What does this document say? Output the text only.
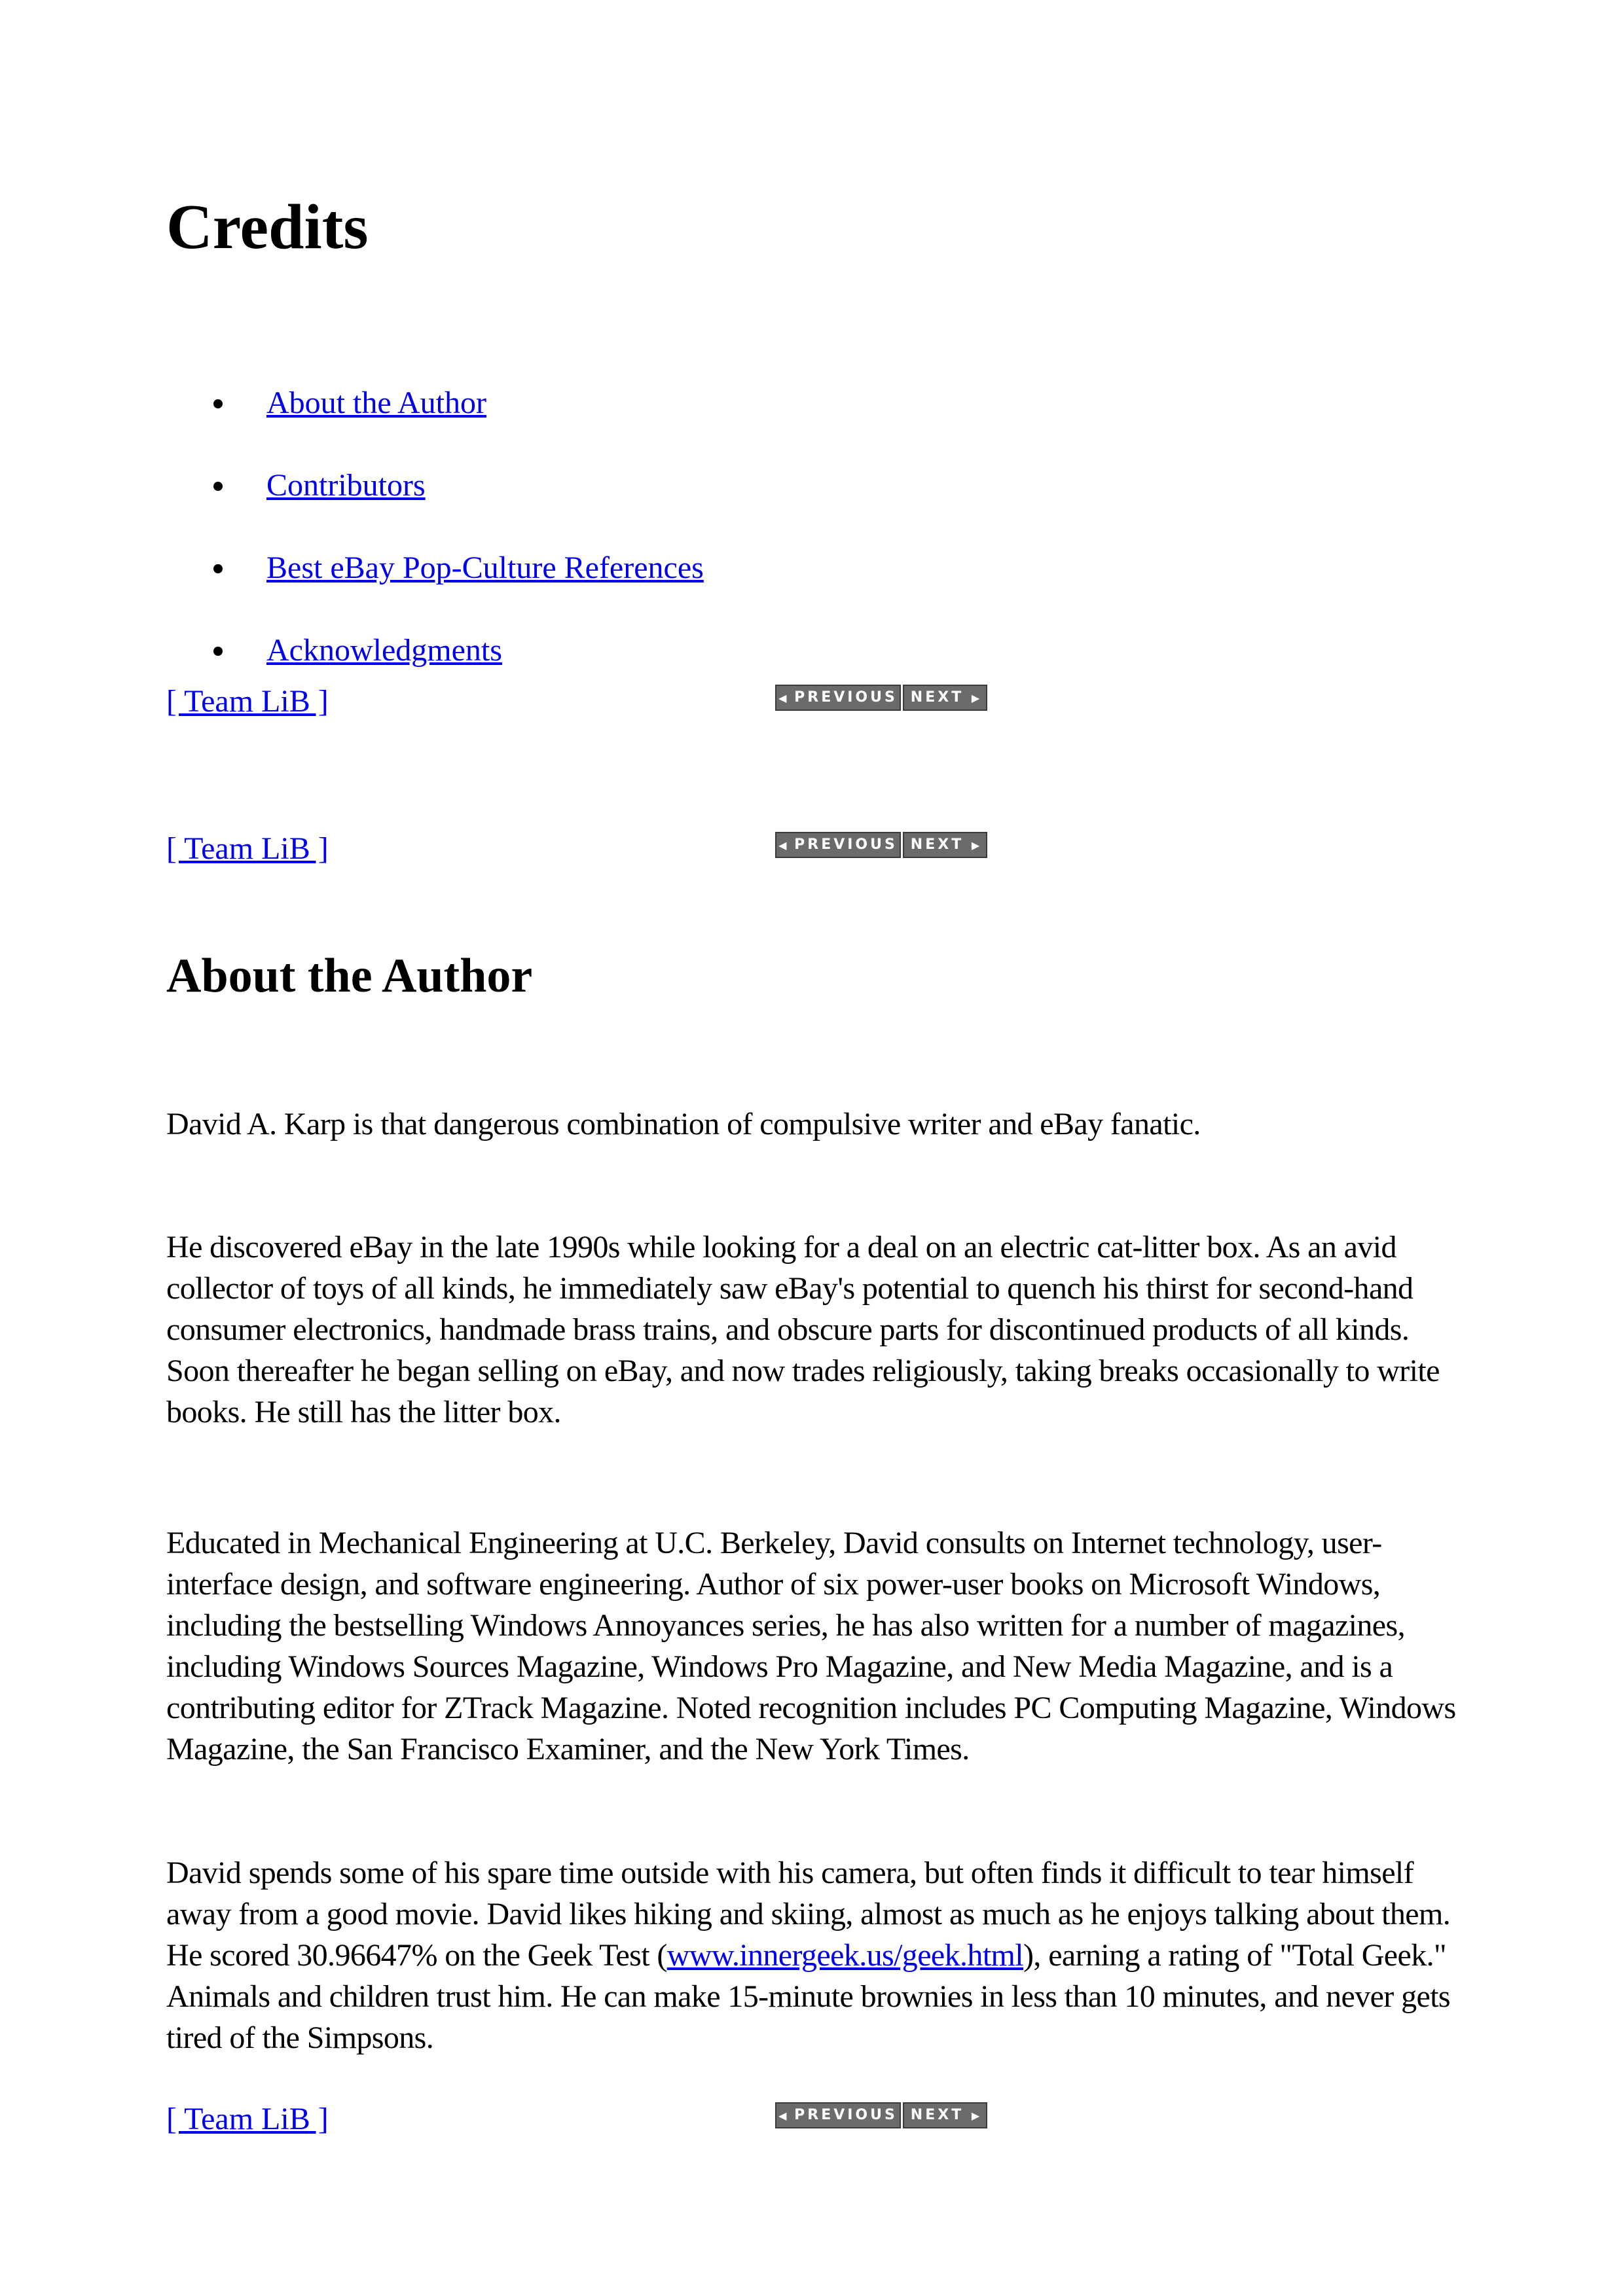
Credits
About the Author
Contributors
Best eBay Pop-Culture References
Acknowledgments
[ Team LiB ]	◀ PREVIOUS NEXT ▶
[ Team LiB ]	◀ PREVIOUS NEXT ▶
About the Author

David A. Karp is that dangerous combination of compulsive writer and eBay fanatic.

He discovered eBay in the late 1990s while looking for a deal on an electric cat-litter box. As an avid collector of toys of all kinds, he immediately saw eBay's potential to quench his thirst for second-hand consumer electronics, handmade brass trains, and obscure parts for discontinued products of all kinds. Soon thereafter he began selling on eBay, and now trades religiously, taking breaks occasionally to write books. He still has the litter box.

Educated in Mechanical Engineering at U.C. Berkeley, David consults on Internet technology, user-interface design, and software engineering. Author of six power-user books on Microsoft Windows, including the bestselling Windows Annoyances series, he has also written for a number of magazines, including Windows Sources Magazine, Windows Pro Magazine, and New Media Magazine, and is a contributing editor for ZTrack Magazine. Noted recognition includes PC Computing Magazine, Windows Magazine, the San Francisco Examiner, and the New York Times.

David spends some of his spare time outside with his camera, but often finds it difficult to tear himself away from a good movie. David likes hiking and skiing, almost as much as he enjoys talking about them. He scored 30.96647% on the Geek Test (www.innergeek.us/geek.html), earning a rating of "Total Geek." Animals and children trust him. He can make 15-minute brownies in less than 10 minutes, and never gets tired of the Simpsons.

[ Team LiB ]	◀ PREVIOUS NEXT ▶
